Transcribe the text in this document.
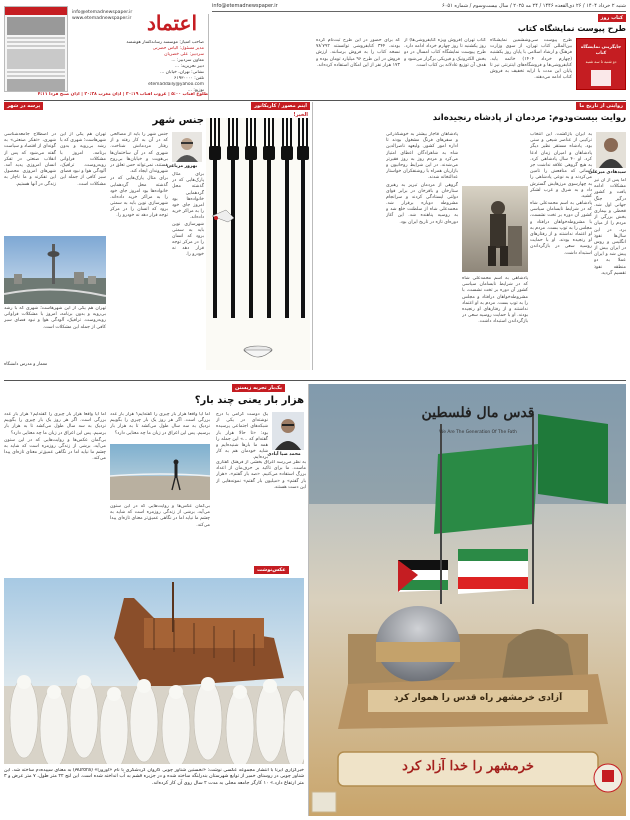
info@etemadnewspaper.ir
www.etemadnewspaper.ir اعتماد
صاحب امتیاز: موسسه رسانه‌گفتار هوشمند
مدیر مسئول: الیاس حضرتی
سردبیر: علی خضریان
معاون سردبیر: ...
دبیر تحریریه: ...
نشانی: تهران، خیابان ...
تلفن: ۶۱۹۳۰۰۰۰
etemaddaily@yahoo.com
توزیع: ...
طلوع آفتاب ۵:۰۰ | غروب آفتاب ۲۰:۱۹ | اذان مغرب ۲۰:۳۸ | اذان صبح فردا ۴:۱۱
شنبه ۲ خرداد ۱۴۰۴ / ۲۶ ذی‌القعده ۱۴۴۶ / ۲۴ مه ۲۰۲۵ / سال بیست‌وسوم / شماره ۶۰۵۱
info@etemadnewspaper.ir
کتاب روز
طرح پیوست نمایشگاه کتاب
جایگزینی نمایشگاه کتاب
دو شنبه تا سه شنبه

طرح پیوست سی‌وششمین نمایشگاه بین‌المللی کتاب تهران، از سوی وزارت فرهنگ و ارشاد اسلامی با پایان روز یکشنبه (چهارم خرداد ۱۴۰۴) خاتمه یابد. کتابفروشی‌ها و فروشگاه‌های اینترنتی نیز تا پایان این مدت با ارایه تخفیف به فروش کتاب ادامه می‌دهند.

کتاب تهران (فروش ویژه کتابفروشی‌ها) از روز یکشنبه تا روز چهارم خرداد ادامه دارد. طرح پیوست نمایشگاه کتاب امسال در دو بخش الکترونیک و فیزیکی برگزار می‌شود و هدف آن توزیع عادلانه بن کتاب است.

که برای حضور در این طرح ثبت‌نام کرده بودند، ۳۴۴ کتابفروشی توانستند ۷۸٬۷۹۲ نسخه کتاب را به فروش برسانند. ارزش فروش در این طرح ۹۶ میلیارد تومان بوده و ۱۷۳ هزار نفر از این امکان استفاده کرده‌اند.

روایتی از تاریخ ما
روایت بیست‌ودوم: مردمان از پادشاه رنجیده‌اند
سیدهادی میرعلی

به ایران بازگشت. این انتخاب ترکیبی از عناصر شیعی و سنی بود. پادشاه مستقر نظیر دیگر پادشاهان و امیران زمان ادعا کرد. او ۴۰ سال پادشاهی کرد. به هیچ گروهی علاقه نداشت جز کسانی که منافعش را تامین می‌کردند و به نوعی پادشاهی را به چهارسوی مرزهایش گسترش داد و به شرق و غرب لشکر کشید.

پادشاهی به اسم محمدعلی شاه که در شرایط نابسامان سیاسی کشور آن دوره بر تخت نشست، با مشروطه‌خواهان درافتاد و مجلس را به توپ بست. مردم به او اعتماد نداشتند و از رفتارهای او رنجیده بودند. او با حمایت روسیه سعی در بازگرداندن استبداد داشت.

اما پس از آن نیز مشکلات ادامه یافت و کشور درگیر جنگ جهانی اول شد. قحطی و بیماری بخش بزرگی از مردم را از میان برد. در این سال‌ها نفوذ انگلیس و روس در ایران بیش از پیش شد و ایران عملا به دو منطقه نفوذ تقسیم گردید.

پادشاهان قاجار بیشتر به خوشگذرانی و سفرهای فرنگ مشغول بودند تا اداره امور کشور. ولیعهد ناصرالدین شاه به شاهزادگان اعطای امتیاز می‌کرد و مردم روز به روز فقیرتر می‌شدند. در این شرایط روحانیون و بازاریان همراه با روشنفکران خواستار عدالتخانه شدند.

گروهی از مردمان تبریز به رهبری ستارخان و باقرخان در برابر قوای دولتی ایستادگی کردند و سرانجام مشروطه دوباره برقرار شد. محمدعلی شاه از سلطنت خلع شد و به روسیه پناهنده شد. این آغاز دوره‌ای تازه در تاریخ ایران بود.

پادشاهی به اسم محمدعلی شاه که در شرایط نابسامان سیاسی کشور آن دوره بر تخت نشست، با مشروطه‌خواهان درافتاد و مجلس را به توپ بست. مردم به او اعتماد نداشتند و از رفتارهای او رنجیده بودند. او با حمایت روسیه سعی در بازگرداندن استبداد داشت.

اینم مصور / کاریکاتور
الخیر!
پرسه در شهر
جنس شهر
بهروز مرباغی

در اصطلاح جامعه‌شناسی شهری، «تفکر صنعتی» به گونه‌ای از اقتصاد و سیاست گفته می‌شود که پس از انقلاب صنعتی در تفکر انسان امروزی پدید آمد. شهرهای امروزی محصول این تفکرند و ما ناچار به زندگی در آنها هستیم.

تهران هم یکی از این شهرهاست؛ شهری که با رشد بی‌رویه و بدون برنامه، امروز با مشکلات فراوانی روبه‌روست. ترافیک، آلودگی هوا و نبود فضای سبز کافی از جمله این مشکلات است.

جنس شهر را باید از مصالحی که در آن به کار رفته و از رفتار مردمانش شناخت. شهری که در آن ساختمان‌ها بی‌هویت و خیابان‌ها بی‌روح هستند، نمی‌تواند حس تعلق در شهروندان ایجاد کند.

برای مثال پارک‌هایی که در گذشته محل گردهمایی خانواده‌ها بود امروز جای خود را به مراکز خرید داده‌اند. شهرسازی نوین باید به سمتی برود که انسان را در مرکز توجه قرار دهد نه خودرو را.

برای مثال پارک‌هایی که در گذشته محل گردهمایی خانواده‌ها بود امروز جای خود را به مراکز خرید داده‌اند. شهرسازی نوین باید به سمتی برود که انسان را در مرکز توجه قرار دهد نه خودرو را.

تهران هم یکی از این شهرهاست؛ شهری که با رشد بی‌رویه و بدون برنامه، امروز با مشکلات فراوانی روبه‌روست. ترافیک، آلودگی هوا و نبود فضای سبز کافی از جمله این مشکلات است.

معمار و مدرس دانشگاه
قدس مال فلسطین
We Are The Generation Of The Fath
آزادی خرمشهر راه قدس را هموار کرد
خرمشهر را خدا آزاد کرد
یک‌بار تجربه زیستن
هزار بار یعنی چند بار؟
محمد ضیا آبادی

یک دوست گرامی با درج نوشته‌ای در یکی از شبکه‌های اجتماعی پرسیده بود: «تا حالا هزار بار گفته‌ام که ...» این جمله را همه ما بارها شنیده‌ایم و شاید خودمان هم به کار برده‌ایم.

به نظر می‌رسد اغراق بخشی از فرهنگ گفتاری ماست. ما برای تاکید بر حرف‌مان از اعداد بزرگ استفاده می‌کنیم. «صد بار گفتم»، «هزار بار گفتم» و «میلیون بار گفتم» نمونه‌هایی از این دست هستند.

اما آیا واقعا هزار بار چیزی را گفته‌ایم؟ هزار بار عدد بزرگی است. اگر هر روز یک بار چیزی را بگوییم نزدیک به سه سال طول می‌کشد تا به هزار بار برسیم. پس این اغراق در زبان ما چه معنایی دارد؟

بی‌گمان عکس‌ها و روایت‌هایی که در این ستون می‌آید، برشی از زندگی روزمره است که شاید به چشم ما نیاید اما در نگاهی عمیق‌تر معنای تازه‌ای پیدا می‌کند.

اما آیا واقعا هزار بار چیزی را گفته‌ایم؟ هزار بار عدد بزرگی است. اگر هر روز یک بار چیزی را بگوییم نزدیک به سه سال طول می‌کشد تا به هزار بار برسیم. پس این اغراق در زبان ما چه معنایی دارد؟

بی‌گمان عکس‌ها و روایت‌هایی که در این ستون می‌آید، برشی از زندگی روزمره است که شاید به چشم ما نیاید اما در نگاهی عمیق‌تر معنای تازه‌ای پیدا می‌کند.

عکس‌نوشت

خبرگزاری ایرنا با انتشار مجموعه عکسی نوشت: «نخستین شناور چوبی کاروان گردشگری با نام «آورورا» (Aurora) به معنای سپیده‌دم ساخته شد. این شناور چوبی در روستای خمیر از توابع شهرستان بندرلنگه ساخته شده و در جزیره قشم به آب انداخته شده است. این لنج ۲۲ متر طول، ۷ متر عرض و ۳ متر ارتفاع دارد.» ۱۰ کارگر جامعه محلی به مدت ۲ سال روی آن کار کرده‌اند.
